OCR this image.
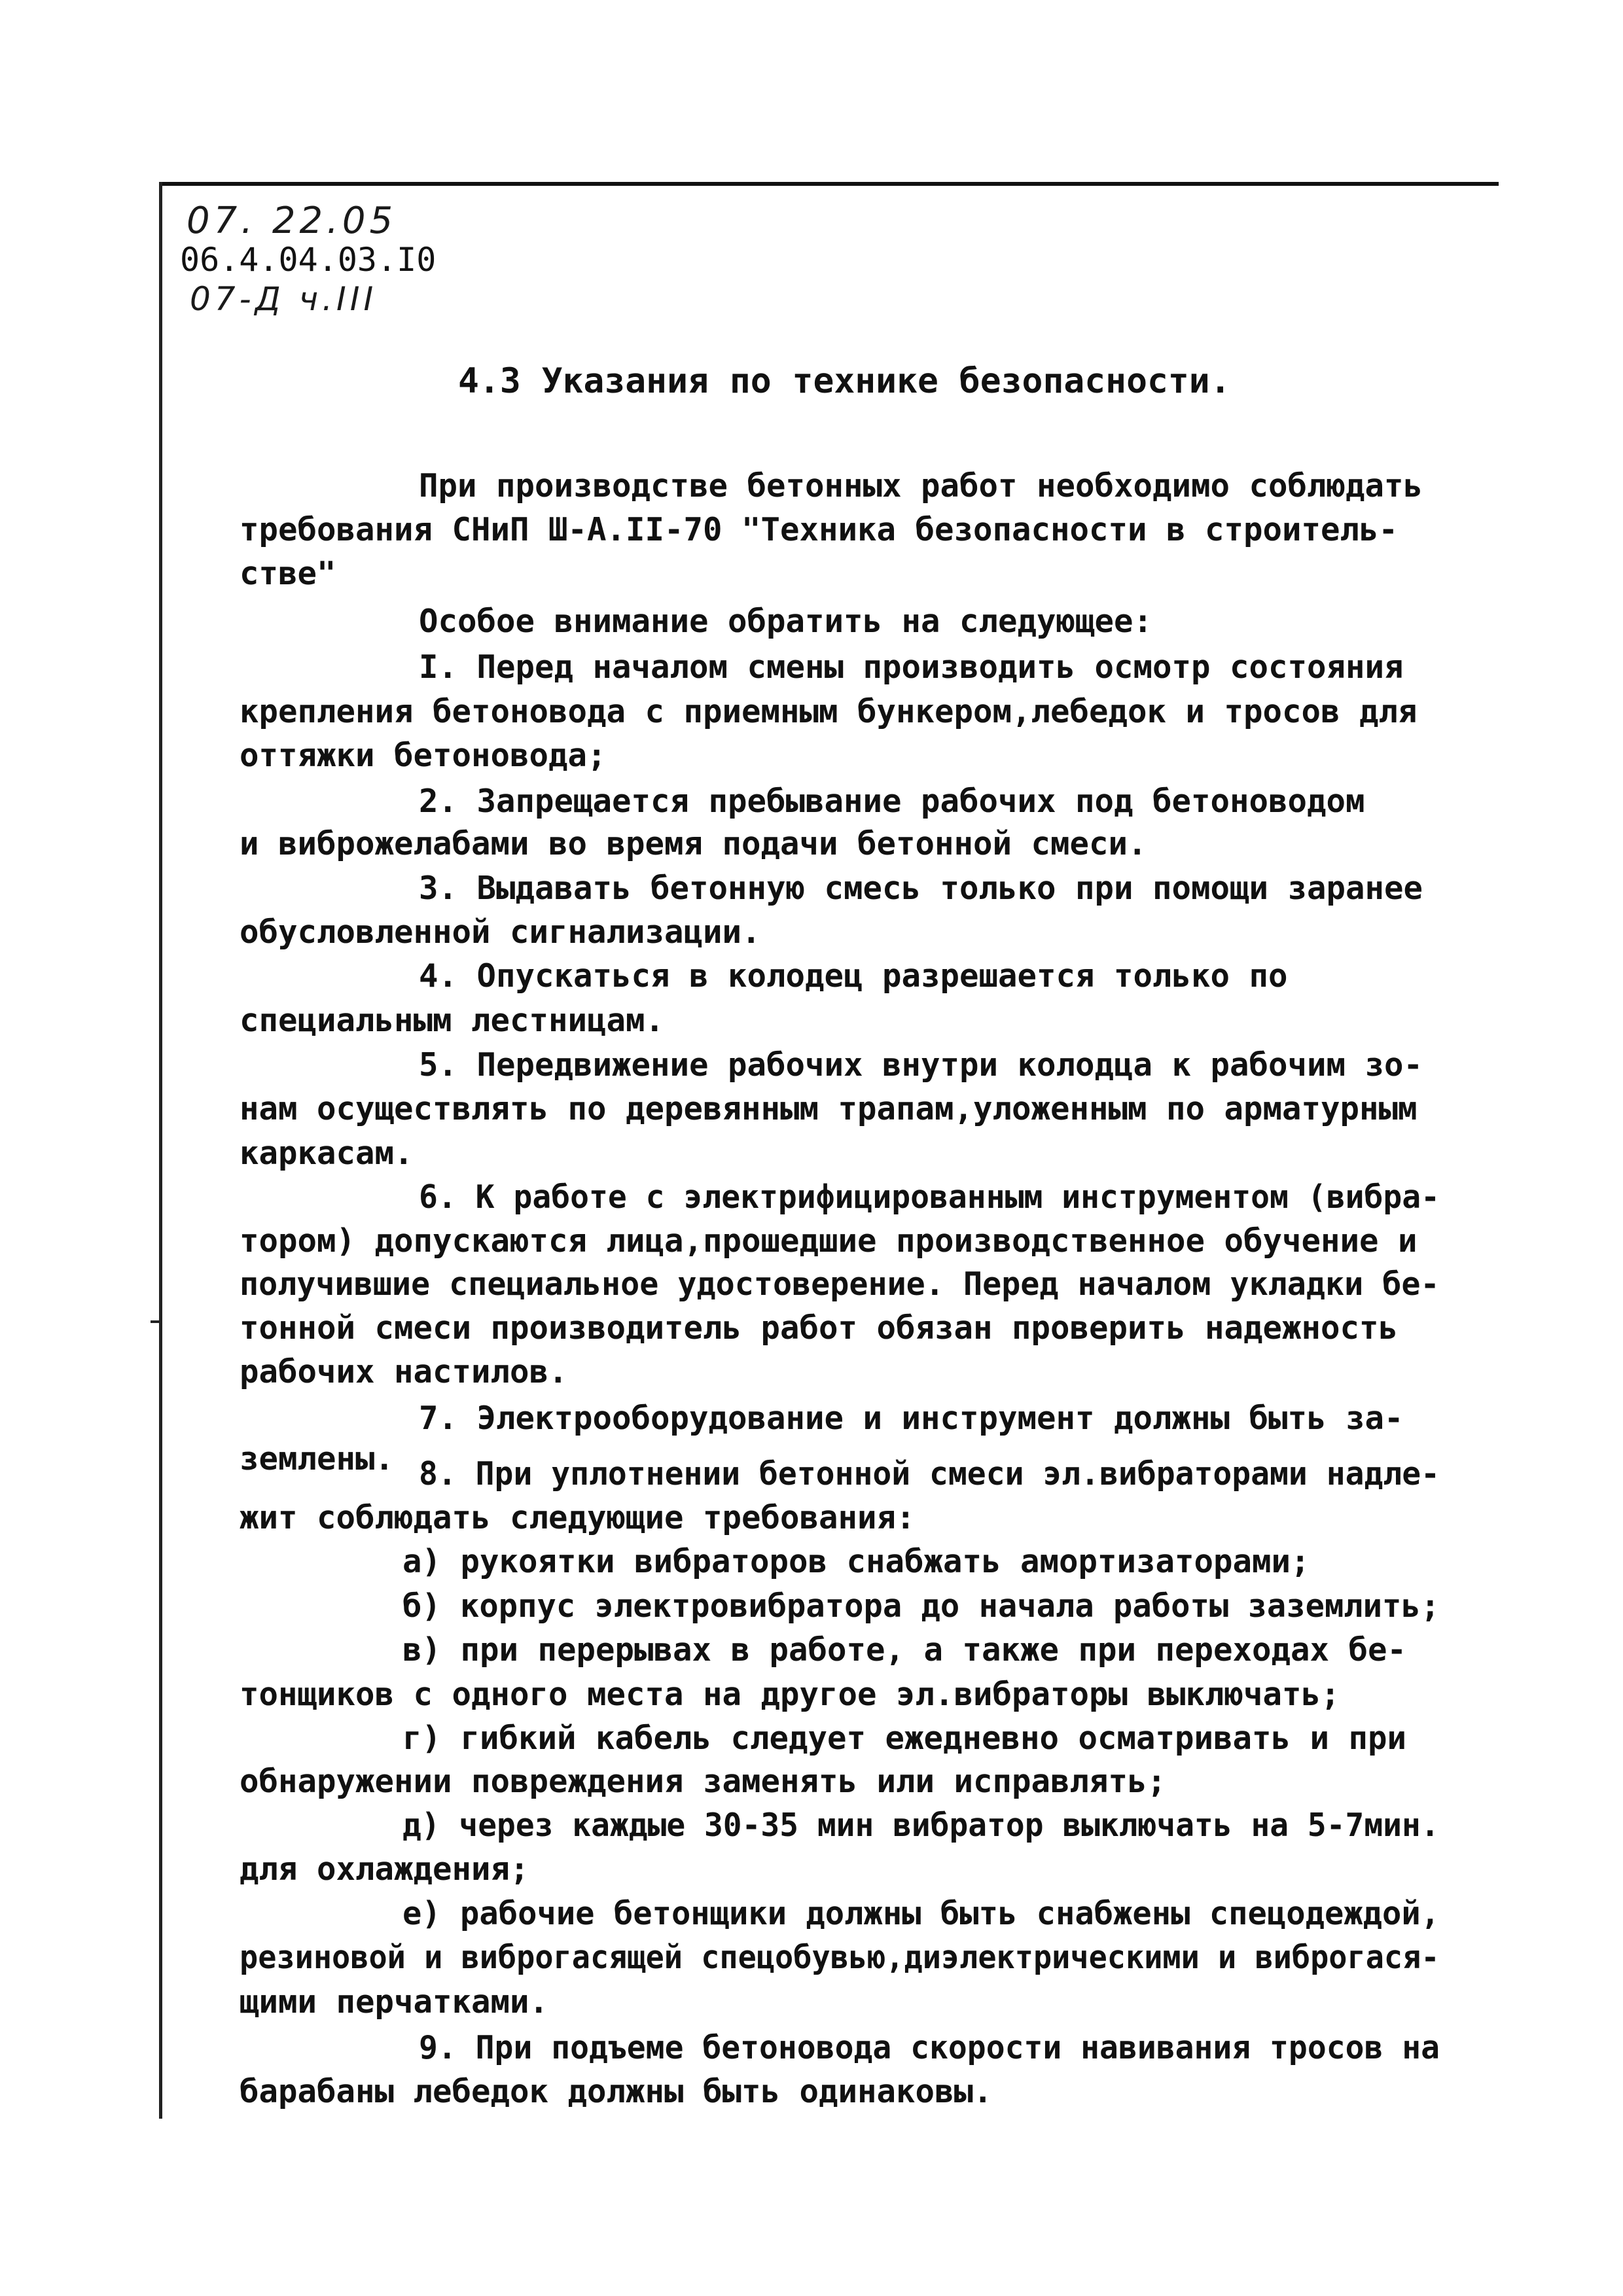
07. 22.05
06.4.04.03.I0
07-Д ч.III
4.3 Указания по технике безопасности.
При производстве бетонных работ необходимо соблюдать
требования СНиП Ш-А.II-70 "Техника безопасности в строитель-
стве"
Особое внимание обратить на следующее:
I. Перед началом смены производить осмотр состояния
крепления бетоновода с приемным бункером,лебедок и тросов для
оттяжки бетоновода;
2. Запрещается пребывание рабочих под бетоноводом
и виброжелабами во время подачи бетонной смеси.
3. Выдавать бетонную смесь только при помощи заранее
обусловленной сигнализации.
4. Опускаться в колодец разрешается только по
специальным лестницам.
5. Передвижение рабочих внутри колодца к рабочим зо-
нам осуществлять по деревянным трапам,уложенным по арматурным
каркасам.
6. К работе с электрифицированным инструментом (вибра-
тором) допускаются лица,прошедшие производственное обучение и
получившие специальное удостоверение. Перед началом укладки бе-
тонной смеси производитель работ обязан проверить надежность
рабочих настилов.
7. Электрооборудование и инструмент должны быть за-
землены. 8. При уплотнении бетонной смеси эл.вибраторами надле-
жит соблюдать следующие требования:
а) рукоятки вибраторов снабжать амортизаторами;
б) корпус электровибратора до начала работы заземлить;
в) при перерывах в работе, а также при переходах бе-
тонщиков с одного места на другое эл.вибраторы выключать;
г) гибкий кабель следует ежедневно осматривать и при
обнаружении повреждения заменять или исправлять;
д) через каждые 30-35 мин вибратор выключать на 5-7мин.
для охлаждения;
е) рабочие бетонщики должны быть снабжены спецодеждой,
резиновой и виброгасящей спецобувью,диэлектрическими и виброгася-
щими перчатками.
9. При подъеме бетоновода скорости навивания тросов на
барабаны лебедок должны быть одинаковы.
